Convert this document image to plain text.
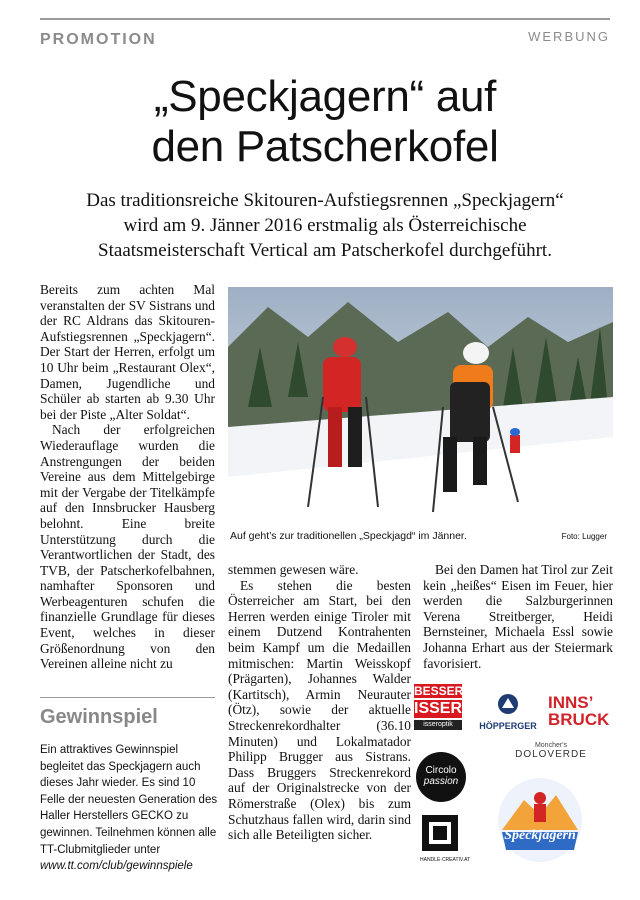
PROMOTION	WERBUNG
„Speckjagern“ auf
den Patscherkofel
Das traditionsreiche Skitouren-Aufstiegsrennen „Speckjagern“
wird am 9. Jänner 2016 erstmalig als Österreichische
Staatsmeisterschaft Vertical am Patscherkofel durchgeführt.

Bereits zum achten Mal veranstalten der SV Sistrans und der RC Aldrans das Skitouren-Aufstiegsrennen „Speckjagern“. Der Start der Herren, erfolgt um 10 Uhr beim „Restaurant Olex“, Damen, Jugendliche und Schüler ab starten ab 9.30 Uhr bei der Piste „Alter Soldat“.

Nach der erfolgreichen Wiederauflage wurden die Anstrengungen der beiden Vereine aus dem Mittelgebirge mit der Vergabe der Titelkämpfe auf den Innsbrucker Hausberg belohnt. Eine breite Unterstützung durch die Verantwortlichen der Stadt, des TVB, der Patscherkofelbahnen, namhafter Sponsoren und Werbeagenturen schufen die finanzielle Grundlage für dieses Event, welches in dieser Größenordnung von den Vereinen alleine nicht zu

Auf geht’s zur traditionellen „Speckjagd“ im Jänner.	Foto: Lugger

stemmen gewesen wäre.

Es stehen die besten Österreicher am Start, bei den Herren werden einige Tiroler mit einem Dutzend Kontrahenten beim Kampf um die Medaillen mitmischen: Martin Weisskopf (Prägarten), Johannes Walder (Kartitsch), Armin Neurauter (Ötz), sowie der aktuelle Streckenrekordhalter (36.10 Minuten) und Lokalmatador Philipp Brugger aus Sistrans. Dass Bruggers Streckenrekord auf der Originalstrecke von der Römerstraße (Olex) bis zum Schutzhaus fallen wird, darin sind sich alle Beteiligten sicher.

Bei den Damen hat Tirol zur Zeit kein „heißes“ Eisen im Feuer, hier werden die Salzburgerinnen Verena Streitberger, Heidi Bernsteiner, Michaela Essl sowie Johanna Erhart aus der Steiermark favorisiert.

Gewinnspiel

Ein attraktives Gewinnspiel begleitet das Speckjagern auch dieses Jahr wieder. Es sind 10 Felle der neuesten Generation des Haller Herstellers GECKO zu gewinnen. Teilnehmen können alle TT-Clubmitglieder unter www.tt.com/club/gewinnspiele

BESSER
ISSER
isseroptik	HÖPPERGER
INNS’
BRUCK
Circolo
passion
Moncher's
DOLOVERDE
Speckjagern
HANDLE·CREATIV.AT
